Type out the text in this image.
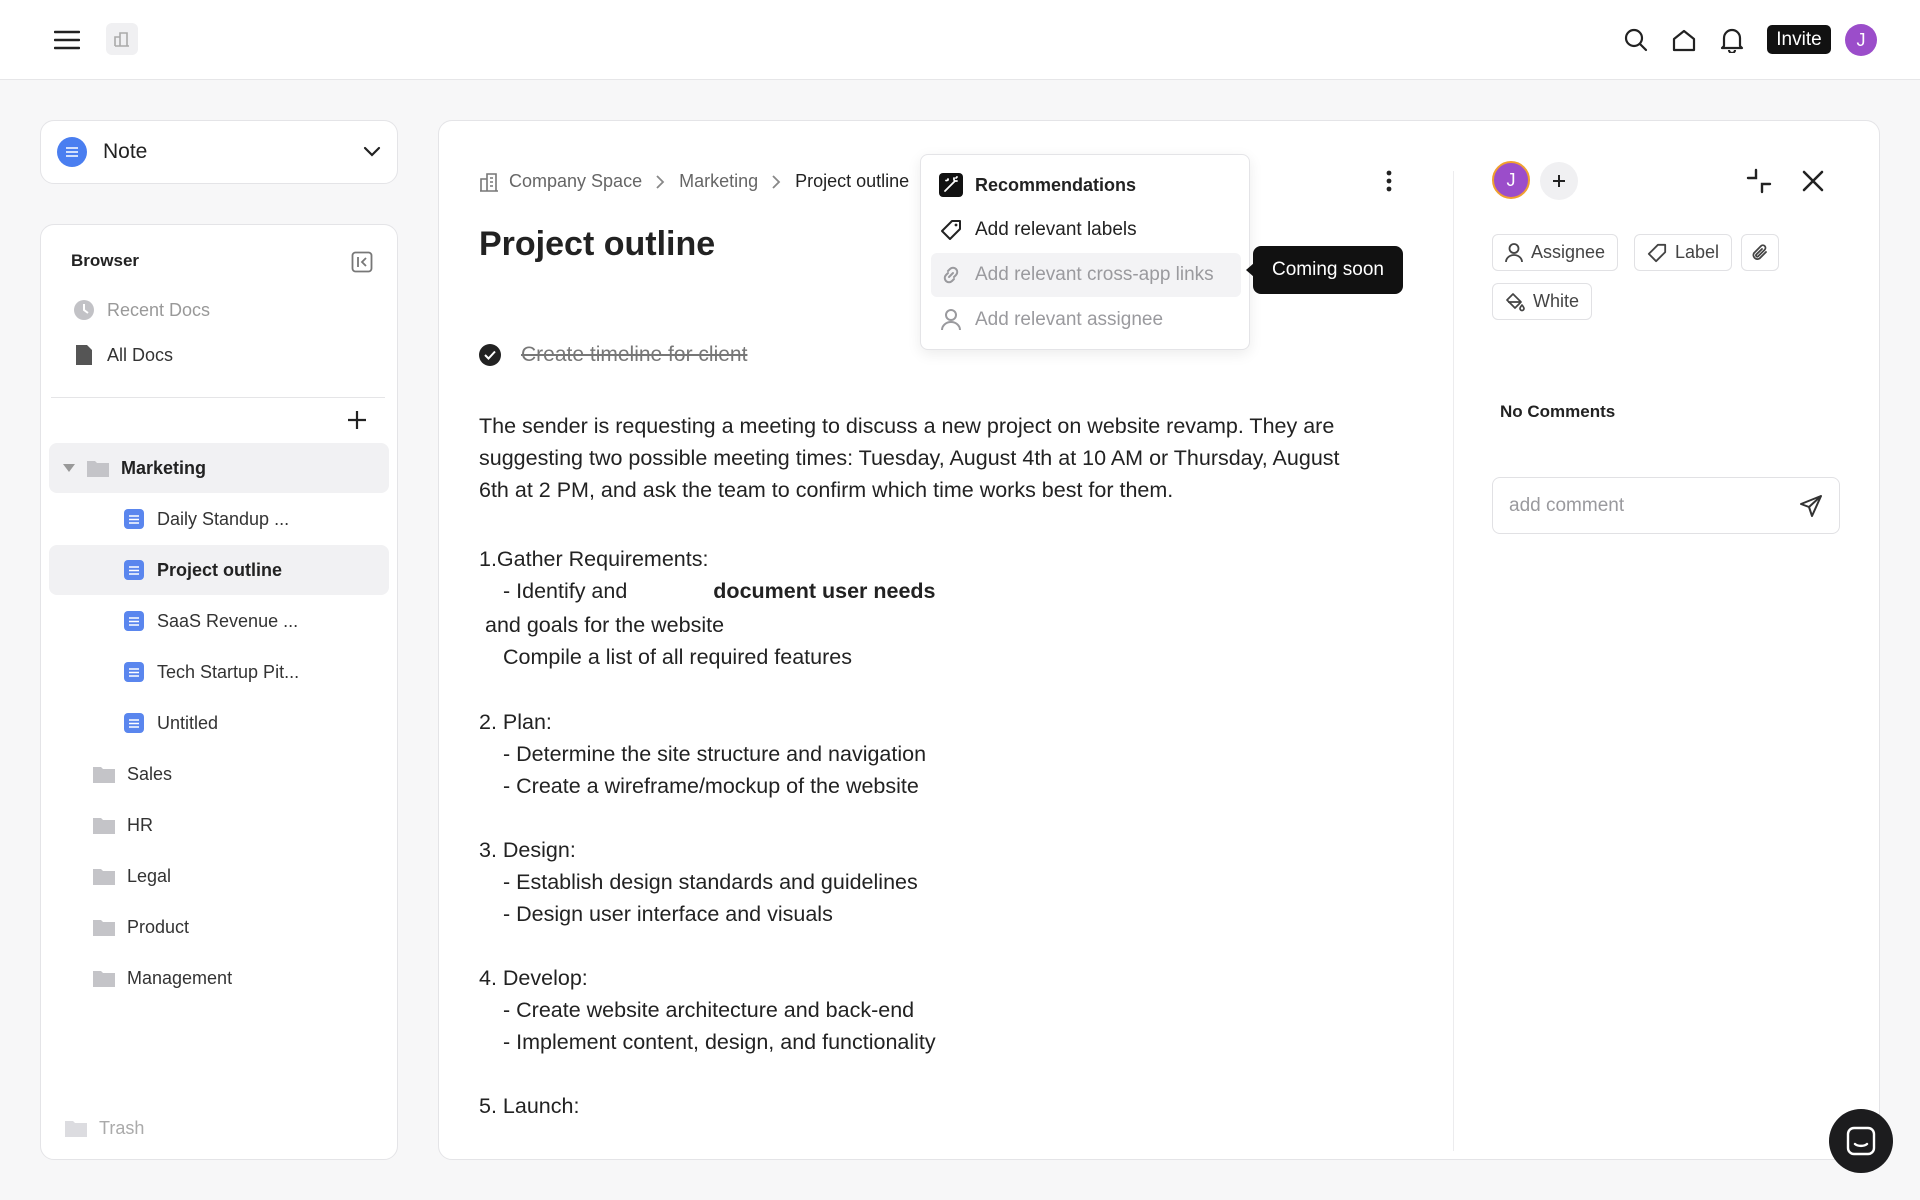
Invite	J
Note
Browser
Recent Docs
All Docs
Marketing
Daily Standup ...
Project outline
SaaS Revenue ...
Tech Startup Pit...
Untitled
Sales
HR
Legal
Product
Management
Trash
Company Space Marketing Project outline
Project outline
Create timeline for client
The sender is requesting a meeting to discuss a new project on website revamp. They are
suggesting two possible meeting times: Tuesday, August 4th at 10 AM or Thursday, August
6th at 2 PM, and ask the team to confirm which time works best for them.
1.Gather Requirements:
- Identify and	document user needs
and goals for the website
Compile a list of all required features
2. Plan:
- Determine the site structure and navigation
- Create a wireframe/mockup of the website
3. Design:
- Establish design standards and guidelines
- Design user interface and visuals
4. Develop:
- Create website architecture and back-end
- Implement content, design, and functionality
5. Launch:
Recommendations
Add relevant labels
Add relevant cross-app links
Add relevant assignee
Coming soon
J
Assignee	Label
White
No Comments
add comment
